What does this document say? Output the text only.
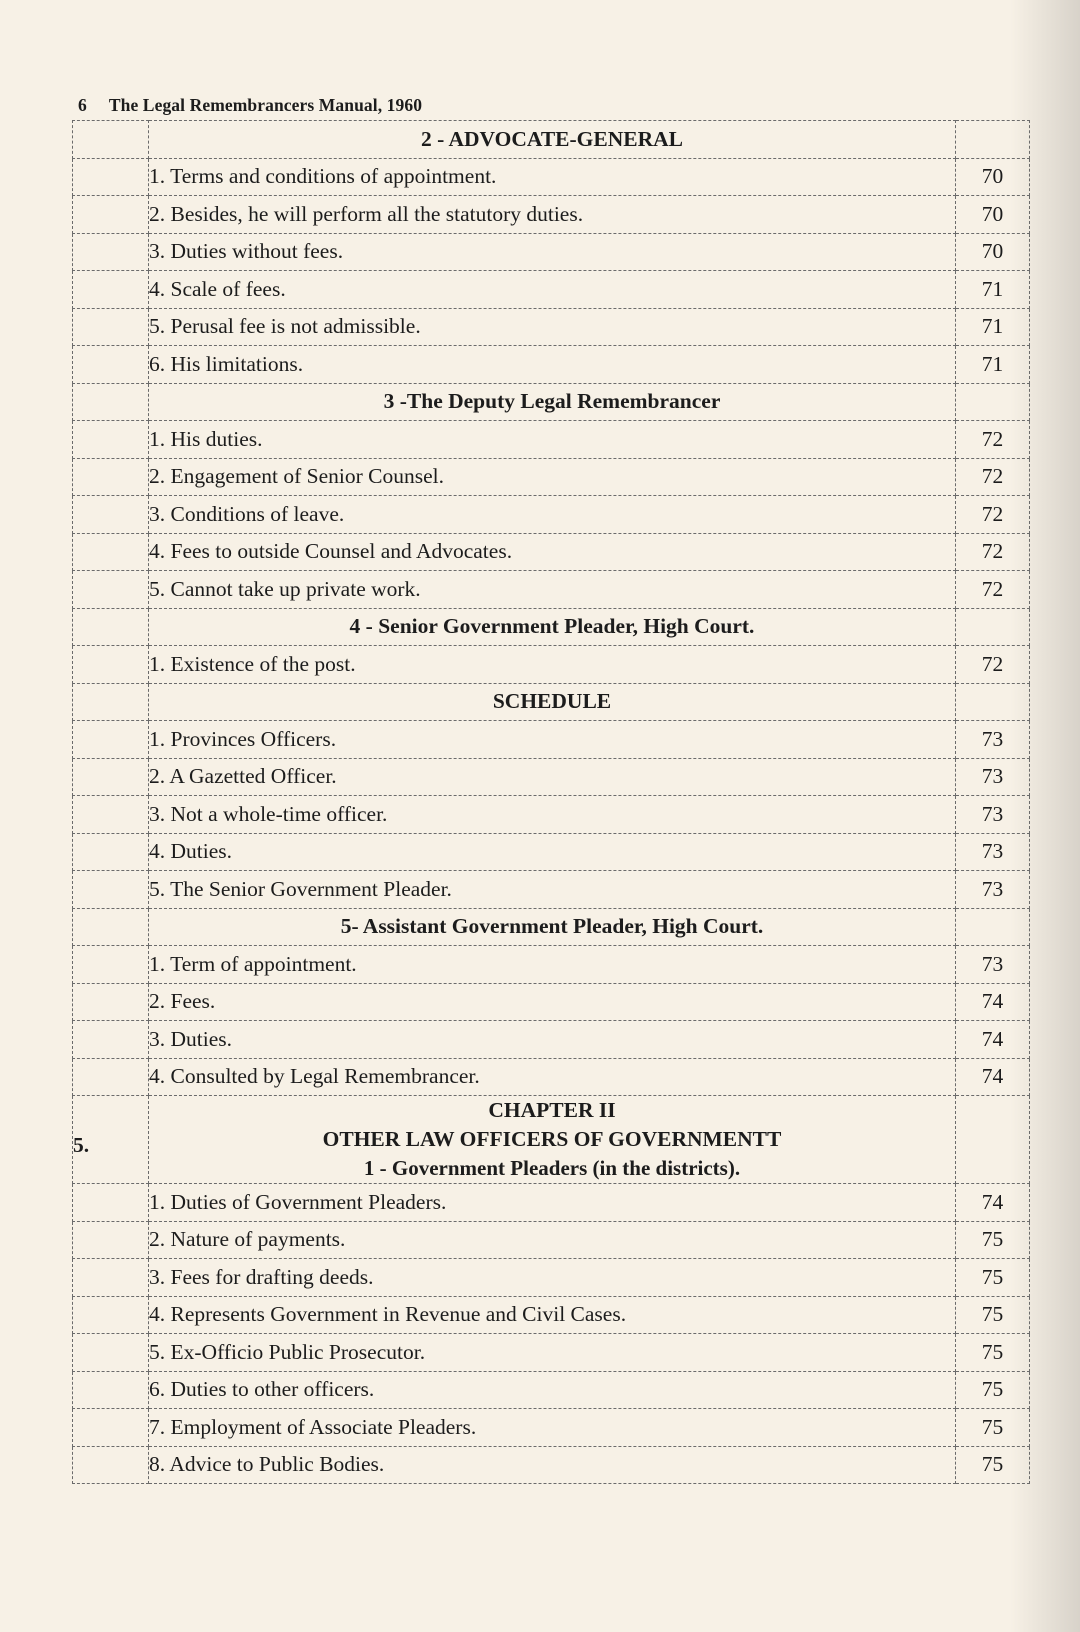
6 The Legal Remembrancers Manual, 1960
	2 - ADVOCATE-GENERAL	
	1. Terms and conditions of appointment.	70
	2. Besides, he will perform all the statutory duties.	70
	3. Duties without fees.	70
	4. Scale of fees.	71
	5. Perusal fee is not admissible.	71
	6. His limitations.	71
	3 -The Deputy Legal Remembrancer	
	1. His duties.	72
	2. Engagement of Senior Counsel.	72
	3. Conditions of leave.	72
	4. Fees to outside Counsel and Advocates.	72
	5. Cannot take up private work.	72
	4 - Senior Government Pleader, High Court.	
	1. Existence of the post.	72
	SCHEDULE	
	1. Provinces Officers.	73
	2. A Gazetted Officer.	73
	3. Not a whole-time officer.	73
	4. Duties.	73
	5. The Senior Government Pleader.	73
	5- Assistant Government Pleader, High Court.	
	1. Term of appointment.	73
	2. Fees.	74
	3. Duties.	74
	4. Consulted by Legal Remembrancer.	74
5.	CHAPTER II
OTHER LAW OFFICERS OF GOVERNMENTT
1 - Government Pleaders (in the districts).	

	1. Duties of Government Pleaders.	74
	2. Nature of payments.	75
	3. Fees for drafting deeds.	75
	4. Represents Government in Revenue and Civil Cases.	75
	5. Ex-Officio Public Prosecutor.	75
	6. Duties to other officers.	75
	7. Employment of Associate Pleaders.	75
	8. Advice to Public Bodies.	75
